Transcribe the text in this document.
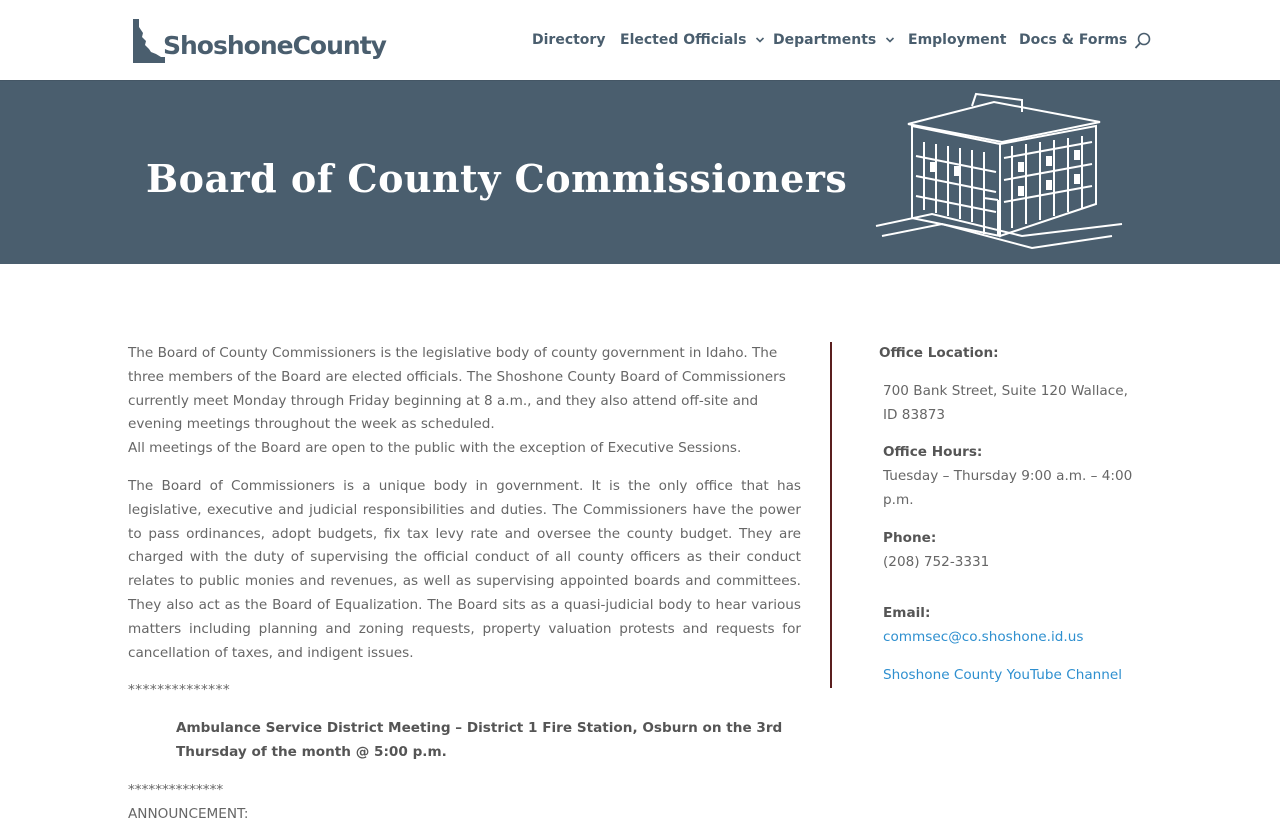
ShoshoneCounty	Directory Elected Officials Departments Employment Docs & Forms
Board of County Commissioners

The Board of County Commissioners is the legislative body of county government in Idaho. The three members of the Board are elected officials. The Shoshone County Board of Commissioners currently meet Monday through Friday beginning at 8 a.m., and they also attend off-site and evening meetings throughout the week as scheduled.

All meetings of the Board are open to the public with the exception of Executive Sessions.

The Board of Commissioners is a unique body in government. It is the only office that has legislative, executive and judicial responsibilities and duties. The Commissioners have the power to pass ordinances, adopt budgets, fix tax levy rate and oversee the county budget. They are charged with the duty of supervising the official conduct of all county officers as their conduct relates to public monies and revenues, as well as supervising appointed boards and committees. They also act as the Board of Equalization. The Board sits as a quasi-judicial body to hear various matters including planning and zoning requests, property valuation protests and requests for cancellation of taxes, and indigent issues.

**************

Ambulance Service District Meeting – District 1 Fire Station, Osburn on the 3rd Thursday of the month @ 5:00 p.m.

**************
ANNOUNCEMENT:
Office Location:
700 Bank Street, Suite 120 Wallace, ID 83873
Office Hours:
Tuesday – Thursday 9:00 a.m. – 4:00 p.m.
Phone:
(208) 752-3331
Email:
commsec@co.shoshone.id.us
Shoshone County YouTube Channel
